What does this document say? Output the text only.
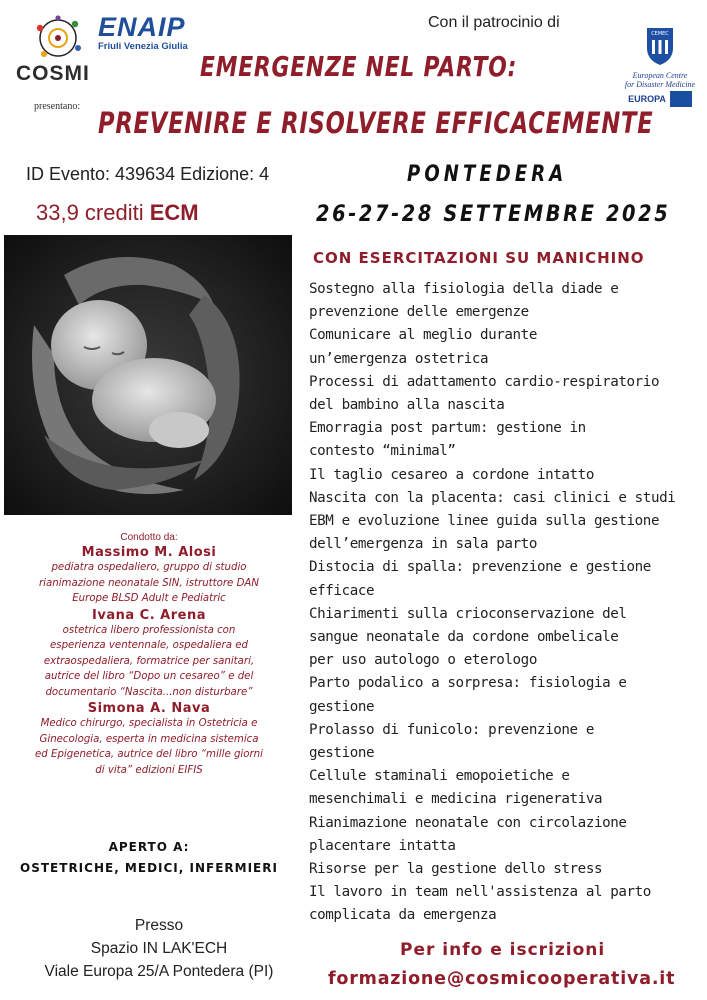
COSMI
ENAIP
Friuli Venezia Giulia
presentano:
Con il patrocinio di
CEMEC
European Centre
for Disaster Medicine
EUROPA
EMERGENZE NEL PARTO:
PREVENIRE E RISOLVERE EFFICACEMENTE
ID Evento: 439634 Edizione: 4
33,9 crediti ECM
PONTEDERA
26-27-28 SETTEMBRE 2025
CON ESERCITAZIONI SU MANICHINO
Sostegno alla fisiologia della diade e
prevenzione delle emergenze
Comunicare al meglio durante
un’emergenza ostetrica
Processi di adattamento cardio-respiratorio
del bambino alla nascita
Emorragia post partum: gestione in
contesto “minimal”
Il taglio cesareo a cordone intatto
Nascita con la placenta: casi clinici e studi
EBM e evoluzione linee guida sulla gestione
dell’emergenza in sala parto
Distocia di spalla: prevenzione e gestione
efficace
Chiarimenti sulla crioconservazione del
sangue neonatale da cordone ombelicale
per uso autologo o eterologo
Parto podalico a sorpresa: fisiologia e
gestione
Prolasso di funicolo: prevenzione e
gestione
Cellule staminali emopoietiche e
mesenchimali e medicina rigenerativa
Rianimazione neonatale con circolazione
placentare intatta
Risorse per la gestione dello stress
Il lavoro in team nell'assistenza al parto
complicata da emergenza
Condotto da:
Massimo M. Alosi
pediatra ospedaliero, gruppo di studio
rianimazione neonatale SIN, istruttore DAN
Europe BLSD Adult e Pediatric
Ivana C. Arena
ostetrica libero professionista con
esperienza ventennale, ospedaliera ed
extraospedaliera, formatrice per sanitari,
autrice del libro “Dopo un cesareo” e del
documentario “Nascita...non disturbare”
Simona A. Nava
Medico chirurgo, specialista in Ostetricia e
Ginecologia, esperta in medicina sistemica
ed Epigenetica, autrice del libro “mille giorni
di vita” edizioni EIFIS
APERTO A:
OSTETRICHE, MEDICI, INFERMIERI
Presso
Spazio IN LAK'ECH
Viale Europa 25/A Pontedera (PI)
Per info e iscrizioni
formazione@cosmicooperativa.it
